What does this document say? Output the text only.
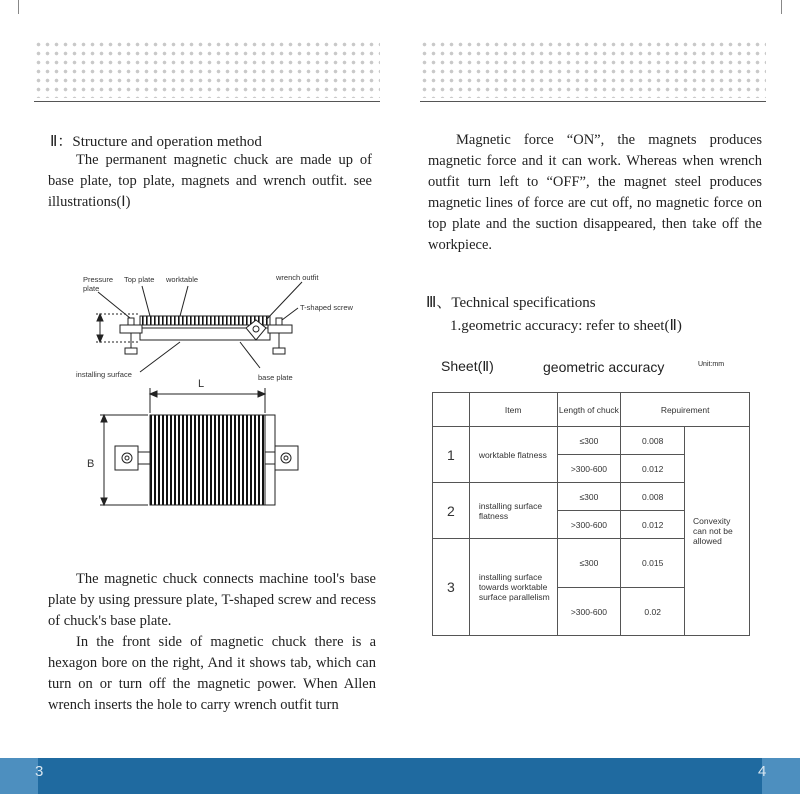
Ⅱ：Structure and operation method
The permanent magnetic chuck are made up of base plate, top plate, magnets and wrench outfit. see illustrations(Ⅰ)
Pressure plate
Top plate worktable	wrench outfit
T-shaped screw
installing surface	base plate
L
B
The magnetic chuck connects machine tool's base plate by using pressure plate, T-shaped screw and recess of chuck's base plate.
In the front side of magnetic chuck there is a hexagon bore on the right, And it shows tab, which can turn on or turn off the magnetic power. When Allen wrench inserts the hole to carry wrench outfit turn
Magnetic force “ON”, the magnets produces magnetic force and it can work. Whereas when wrench outfit turn left to “OFF”, the magnet steel produces magnetic lines of force are cut off, no magnetic force on top plate and the suction disappeared, then take off the workpiece.
Ⅲ、Technical specifications
1.geometric accuracy: refer to sheet(Ⅱ)
Sheet(Ⅱ)	geometric accuracy	Unit:mm
	Item	Length of chuck	Repuirement	
1	worktable flatness	≤300	0.008	Convexity can not be allowed
		>300-600	0.012	
2	installing surface flatness	≤300	0.008	
		>300-600	0.012	
3	installing surface towards worktable surface parallelism	≤300	0.015	
		>300-600	0.02	
3	4
